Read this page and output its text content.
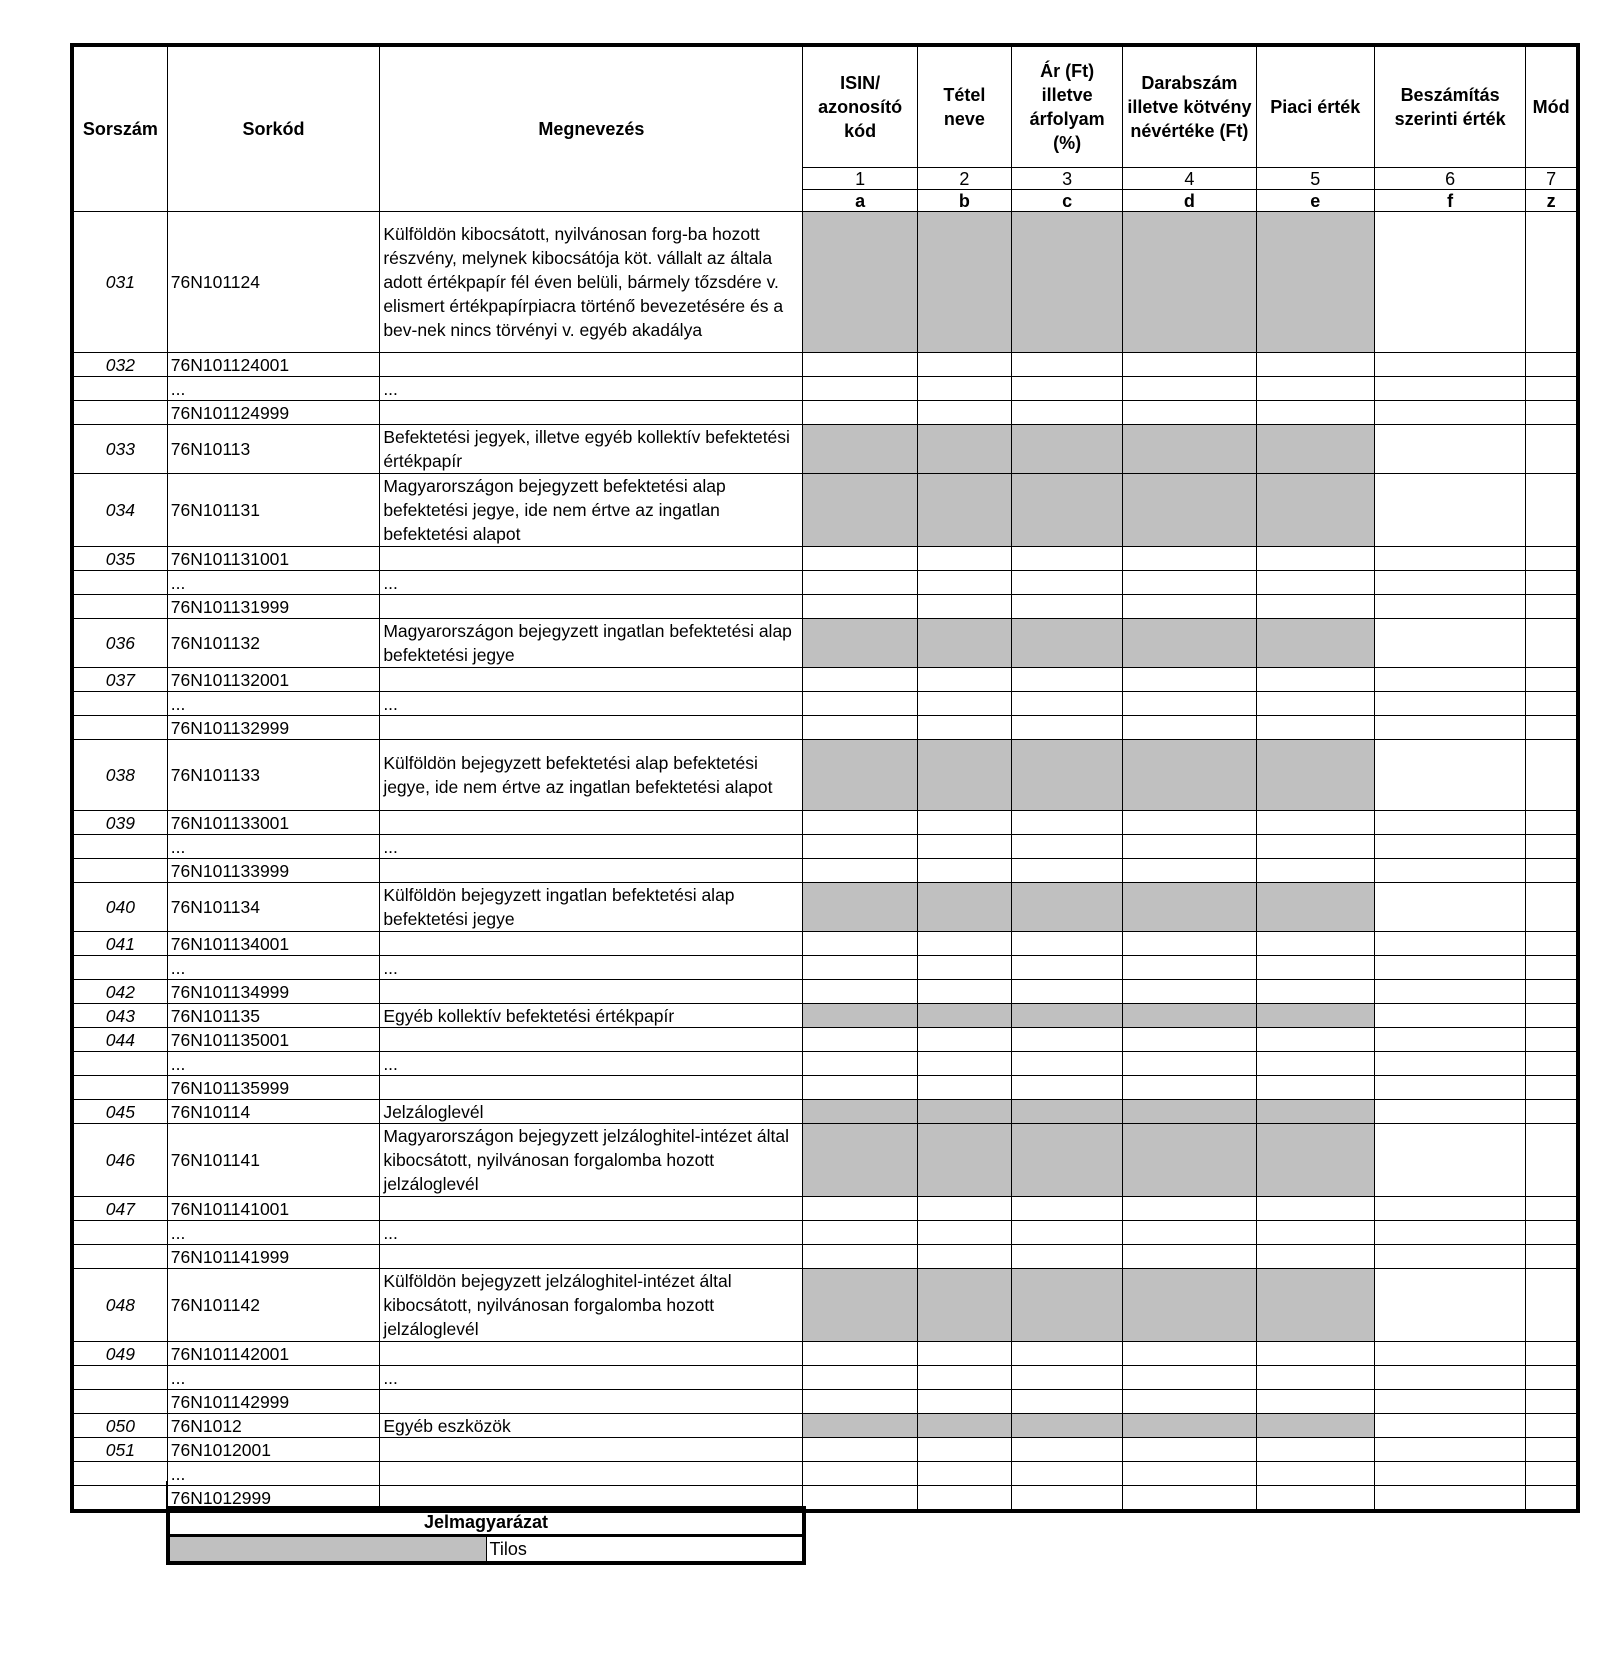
Sorszám	Sorkód	Megnevezés	ISIN/ azonosító kód	Tétel neve	Ár (Ft) illetve árfolyam (%)	Darabszám illetve kötvény névértéke (Ft)	Piaci érték	Beszámítás szerinti érték	Mód
			1	2	3	4	5	6	7
			a	b	c	d	e	f	z
031	76N101124	Külföldön kibocsátott, nyilvánosan forg-ba hozott részvény, melynek kibocsátója köt. vállalt az általa adott értékpapír fél éven belüli, bármely tőzsdére v. elismert értékpapírpiacra történő bevezetésére és a bev-nek nincs törvényi v. egyéb akadálya							
032	76N101124001								
	...	...							
	76N101124999								
033	76N10113	Befektetési jegyek, illetve egyéb kollektív befektetési értékpapír							
034	76N101131	Magyarországon bejegyzett befektetési alap befektetési jegye, ide nem értve az ingatlan befektetési alapot							
035	76N101131001								
	...	...							
	76N101131999								
036	76N101132	Magyarországon bejegyzett ingatlan befektetési alap befektetési jegye							
037	76N101132001								
	...	...							
	76N101132999								
038	76N101133	Külföldön bejegyzett befektetési alap befektetési jegye, ide nem értve az ingatlan befektetési alapot							
039	76N101133001								
	...	...							
	76N101133999								
040	76N101134	Külföldön bejegyzett ingatlan befektetési alap befektetési jegye							
041	76N101134001								
	...	...							
042	76N101134999								
043	76N101135	Egyéb kollektív befektetési értékpapír							
044	76N101135001								
	...	...							
	76N101135999								
045	76N10114	Jelzáloglevél							
046	76N101141	Magyarországon bejegyzett jelzáloghitel-intézet által kibocsátott, nyilvánosan forgalomba hozott jelzáloglevél							
047	76N101141001								
	...	...							
	76N101141999								
048	76N101142	Külföldön bejegyzett jelzáloghitel-intézet által kibocsátott, nyilvánosan forgalomba hozott jelzáloglevél							
049	76N101142001								
	...	...							
	76N101142999								
050	76N1012	Egyéb eszközök							
051	76N1012001								
	...								
	76N1012999								
Jelmagyarázat
	Tilos
